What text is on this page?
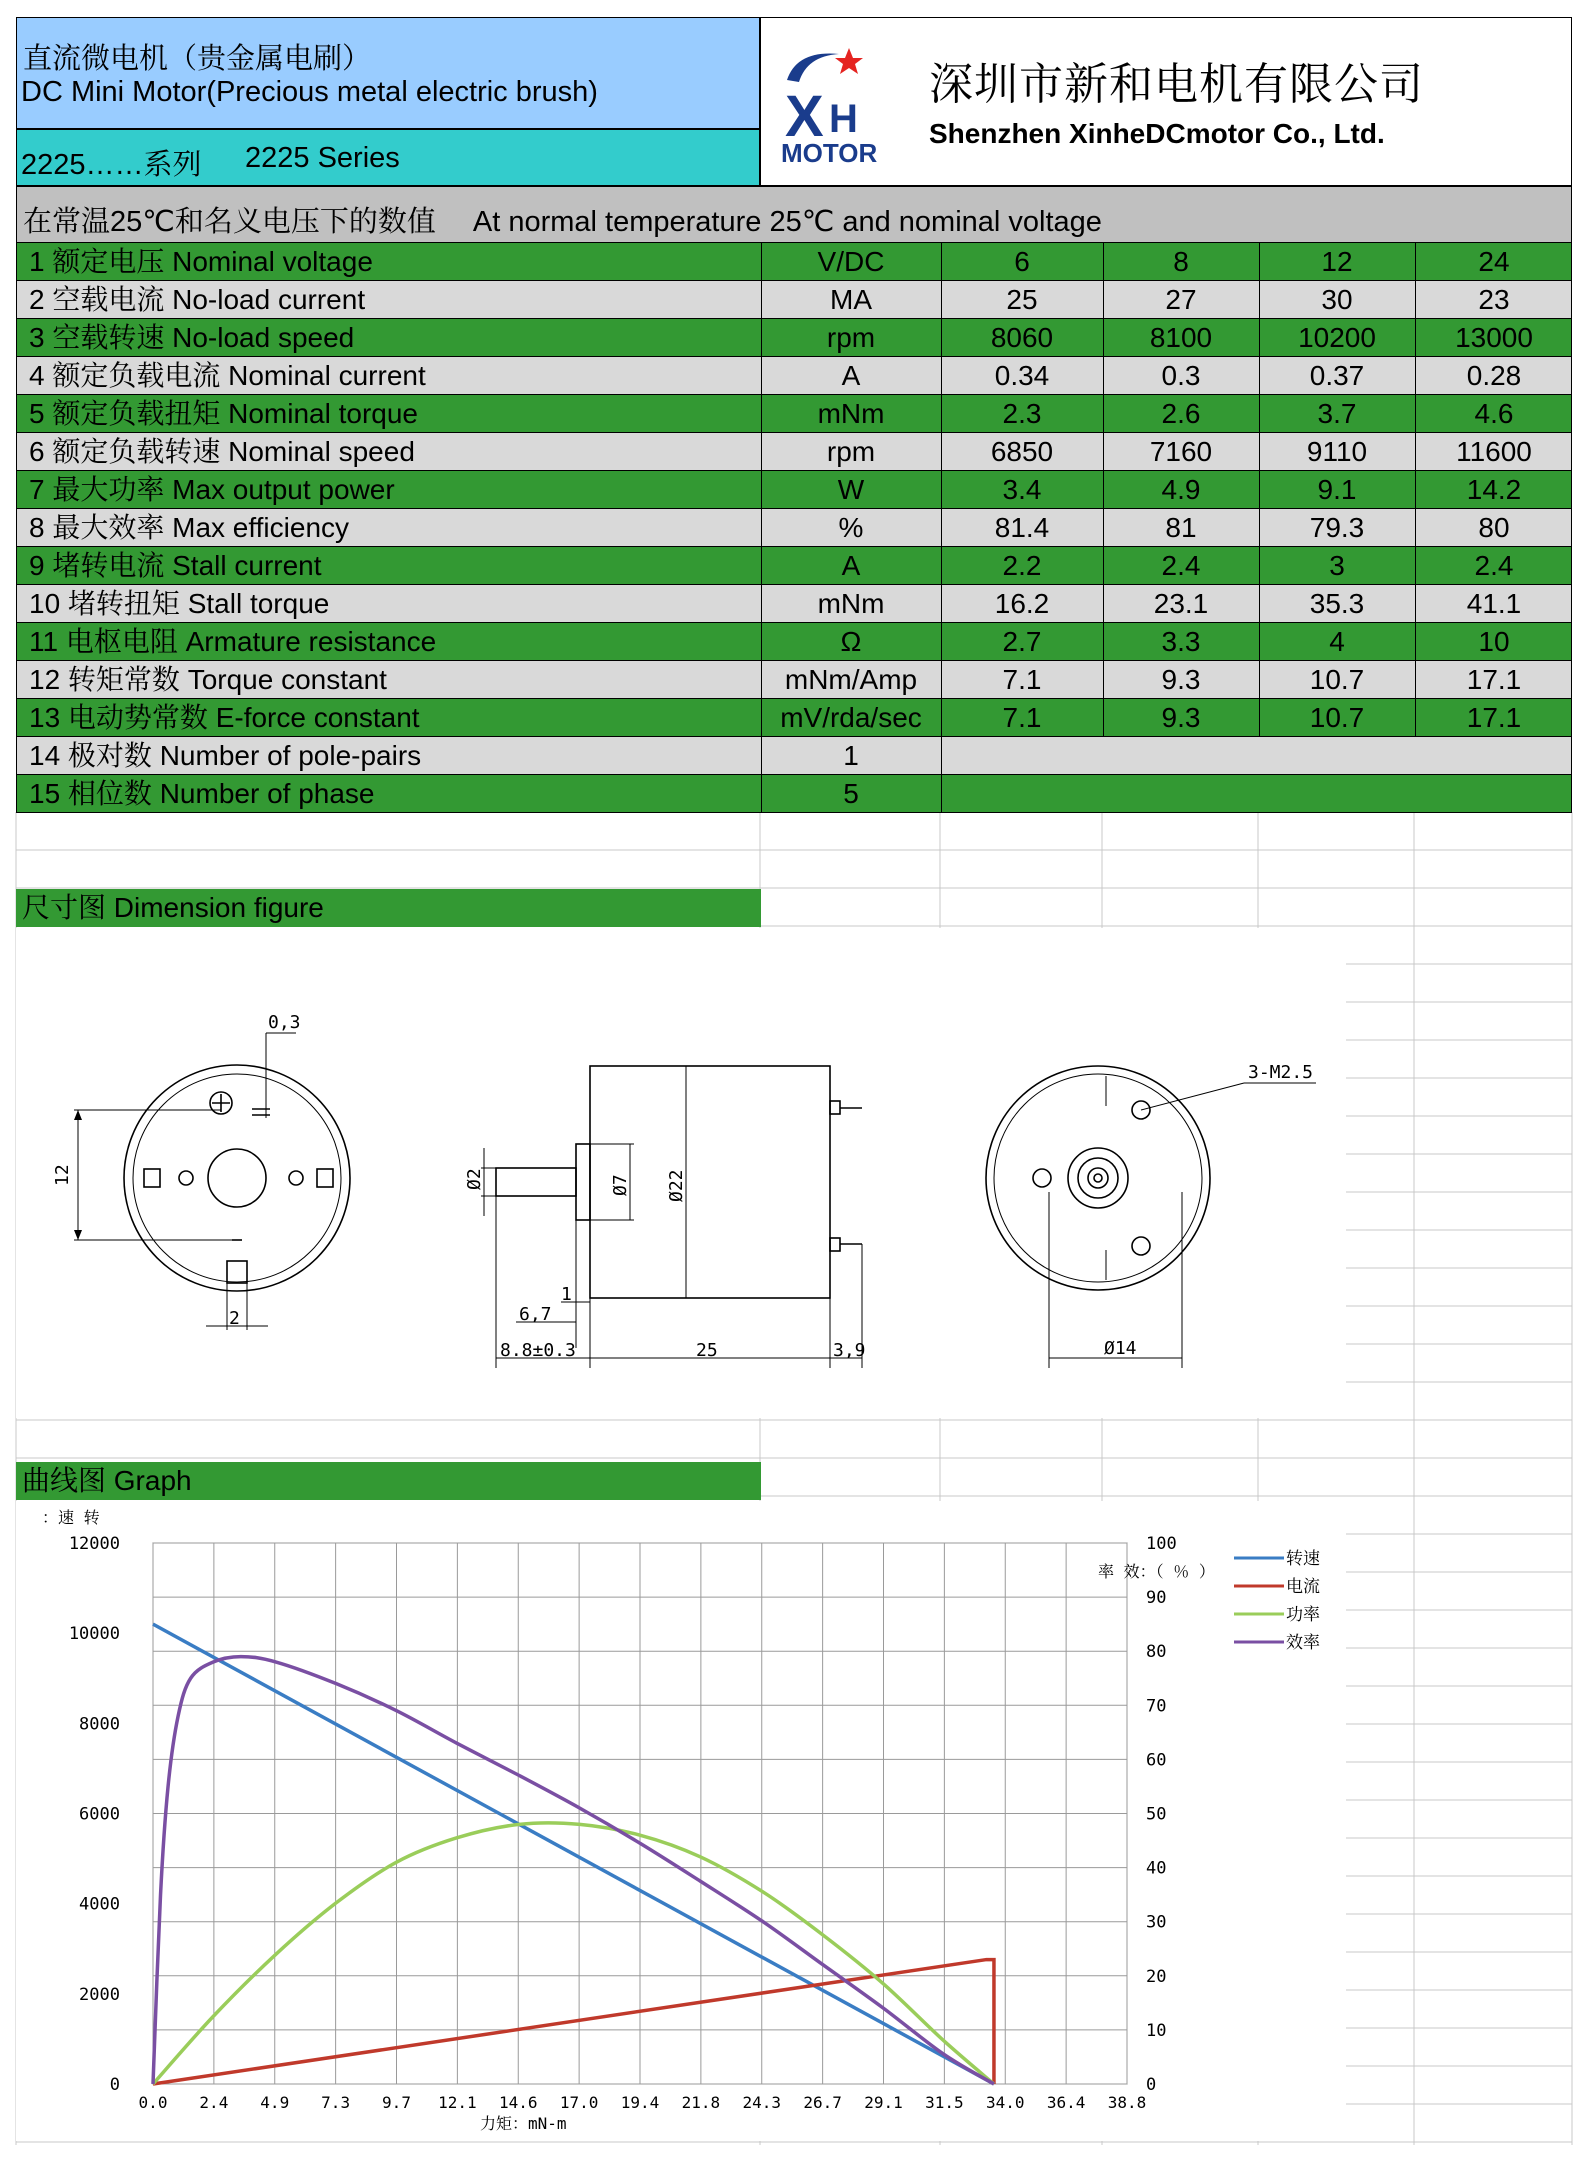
直流微电机（贵金属电刷）
DC Mini Motor(Precious metal electric brush)
2225……系列 2225 Series
X H
MOTOR
深圳市新和电机有限公司
Shenzhen XinheDCmotor Co., Ltd.
在常温25℃和名义电压下的数值　 At normal temperature 25℃ and nominal voltage
1 额定电压 Nominal voltage	V/DC	6	8	12	24
2 空载电流 No-load current	MA	25	27	30	23
3 空载转速 No-load speed	rpm	8060	8100	10200	13000
4 额定负载电流 Nominal current	A	0.34	0.3	0.37	0.28
5 额定负载扭矩 Nominal torque	mNm	2.3	2.6	3.7	4.6
6 额定负载转速 Nominal speed	rpm	6850	7160	9110	11600
7 最大功率 Max output power	W	3.4	4.9	9.1	14.2
8 最大效率 Max efficiency	%	81.4	81	79.3	80
9 堵转电流 Stall current	A	2.2	2.4	3	2.4
10 堵转扭矩 Stall torque	mNm	16.2	23.1	35.3	41.1
11 电枢电阻 Armature resistance	Ω	2.7	3.3	4	10
12 转矩常数 Torque constant	mNm/Amp	7.1	9.3	10.7	17.1
13 电动势常数 E-force constant	mV/rda/sec	7.1	9.3	10.7	17.1
14 极对数 Number of pole-pairs	1
15 相位数 Number of phase	5
尺寸图 Dimension figure
曲线图 Graph
0,3
12
2
Ø2	Ø7 Ø22
1
6,7
8.8±0.3	25	3,9
3-M2.5
Ø14
12000
10000
8000
6000
4000
2000
0
100
90
80
70
60
50
40
30
20
10
0
0.0 2.4 4.9 7.3 9.7 12.1 14.6 17.0 19.4 21.8 24.3 26.7 29.1 31.5 34.0 36.4 38.8
转速
电流
功率
效率
：速 转
率 效：（ ％ ）
力矩：mN-m
